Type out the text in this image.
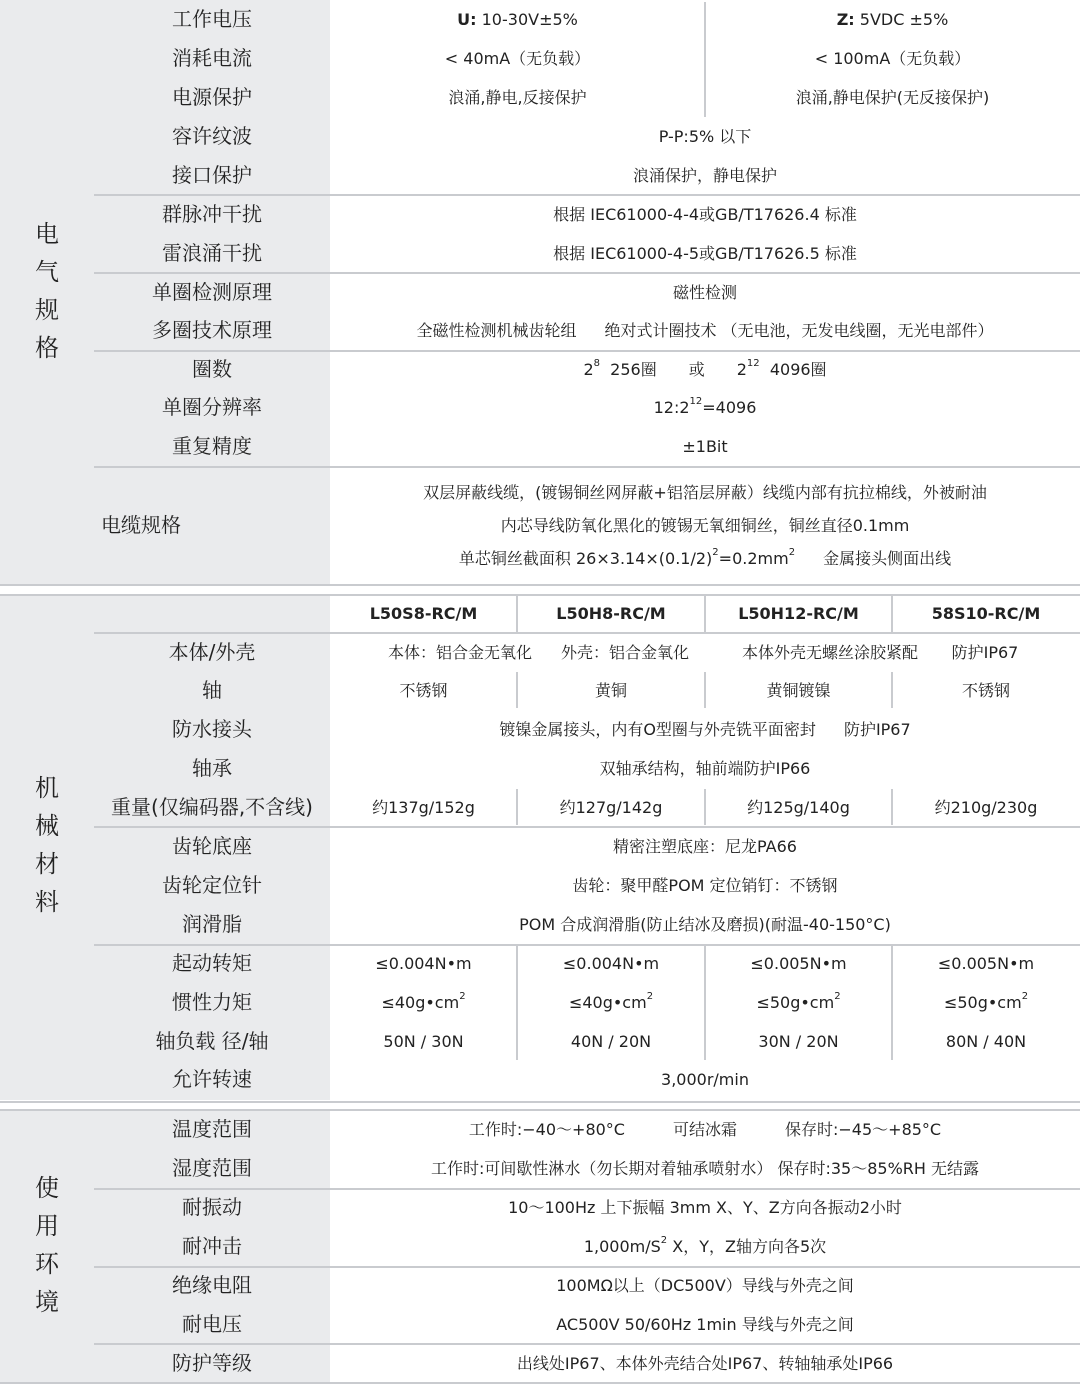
电气规格
工作电压	U: 10-30V±5%	Z: 5VDC ±5%
消耗电流	< 40mA（无负载）	< 100mA（无负载）
电源保护	浪涌,静电,反接保护	浪涌,静电保护(无反接保护)
容许纹波	P-P:5% 以下
接口保护	浪涌保护，静电保护
群脉冲干扰	根据 IEC61000-4-4或GB/T17626.4 标准
雷浪涌干扰	根据 IEC61000-4-5或GB/T17626.5 标准
单圈检测原理	磁性检测
多圈技术原理	全磁性检测机械齿轮组 绝对式计圈技术 （无电池，无发电线圈，无光电部件）
圈数	$2^8$ 256圈 或 $2^{12}$ 4096圈
单圈分辨率	$12:2^{12}=4096$
重复精度	±1Bit
电缆规格
双层屏蔽线缆，(镀锡铜丝网屏蔽+铝箔层屏蔽）线缆内部有抗拉棉线，外被耐油
内芯导线防氧化黑化的镀锡无氧细铜丝，铜丝直径0.1mm
单芯铜丝截面积 $26\times 3.14\times(0.1/2)^2=0.2mm^2$ 金属接头侧面出线
机械材料
L50S8-RC/M	L50H8-RC/M	L50H12-RC/M	58S10-RC/M
本体/外壳	本体：铝合金无氧化	外壳：铝合金氧化	本体外壳无螺丝涂胶紧配	防护IP67
轴	不锈钢	黄铜	黄铜镀镍	不锈钢
防水接头	镀镍金属接头，内有O型圈与外壳铣平面密封 防护IP67
轴承	双轴承结构，轴前端防护IP66
重量(仅编码器,不含线)	约137g/152g	约127g/142g	约125g/140g	约210g/230g
齿轮底座	精密注塑底座：尼龙PA66
齿轮定位针	齿轮：聚甲醛POM 定位销钉：不锈钢
润滑脂	POM 合成润滑脂(防止结冰及磨损)(耐温-40-150°C)
起动转矩	≤0.004N•m	≤0.004N•m	≤0.005N•m	≤0.005N•m
惯性力矩	$\le 40g•cm^2$	$\le 40g•cm^2$	$\le 50g•cm^2$	$\le 50g•cm^2$
轴负载 径/轴	50N / 30N	40N / 20N	30N / 20N	80N / 40N
允许转速	3,000r/min
使用环境
温度范围	工作时:−40～+80°C	可结冰霜	保存时:−45～+85°C
湿度范围	工作时:可间歇性淋水（勿长期对着轴承喷射水） 保存时:35～85%RH 无结露
耐振动	10～100Hz 上下振幅 3mm X、Y、Z方向各振动2小时
耐冲击	$1,000m/S^2$ X，Y，Z轴方向各5次
绝缘电阻	100MΩ以上（DC500V）导线与外壳之间
耐电压	AC500V 50/60Hz 1min 导线与外壳之间
防护等级	出线处IP67、本体外壳结合处IP67、转轴轴承处IP66
